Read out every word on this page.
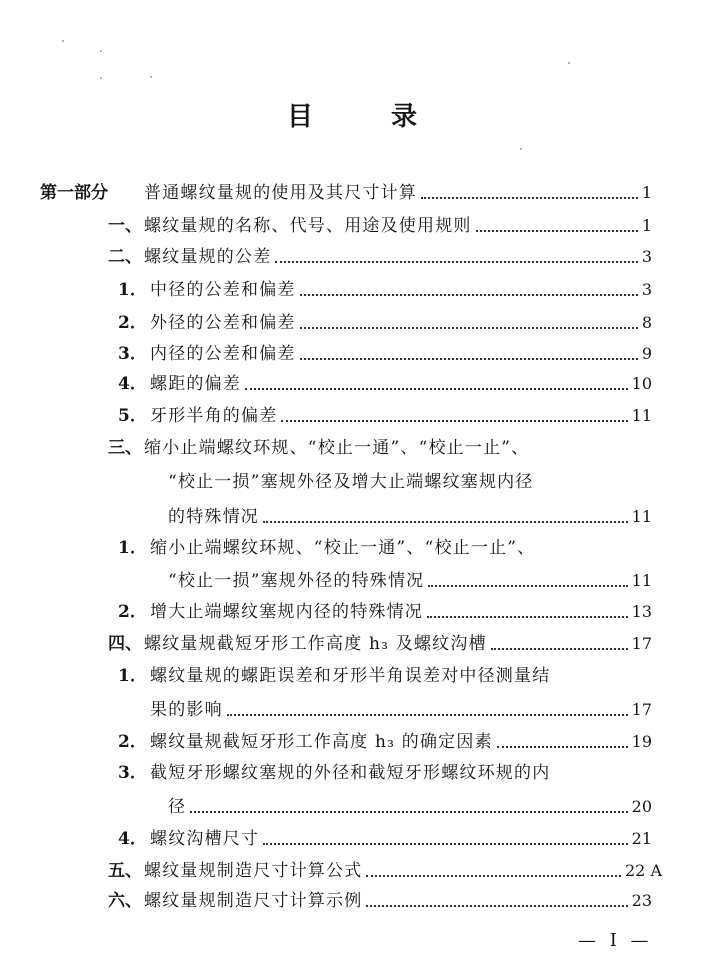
目	录
第一部分	普通螺纹量规的使用及其尺寸计算	1
一、 螺纹量规的名称、代号、用途及使用规则	1
二、 螺纹量规的公差	3
1． 中径的公差和偏差	3
2． 外径的公差和偏差	8
3． 内径的公差和偏差	9
4． 螺距的偏差	10
5． 牙形半角的偏差	11
三、 缩小止端螺纹环规、“校止一通”、“校止一止”、
“校止一损”塞规外径及增大止端螺纹塞规内径
的特殊情况	11
1． 缩小止端螺纹环规、“校止一通”、“校止一止”、
“校止一损”塞规外径的特殊情况	11
2． 增大止端螺纹塞规内径的特殊情况	13
四、 螺纹量规截短牙形工作高度 h₃ 及螺纹沟槽	17
1． 螺纹量规的螺距误差和牙形半角误差对中径测量结
果的影响	17
2． 螺纹量规截短牙形工作高度 h₃ 的确定因素	19
3． 截短牙形螺纹塞规的外径和截短牙形螺纹环规的内
径	20
4． 螺纹沟槽尺寸	21
五、 螺纹量规制造尺寸计算公式	22 A
六、 螺纹量规制造尺寸计算示例	23
— I —
